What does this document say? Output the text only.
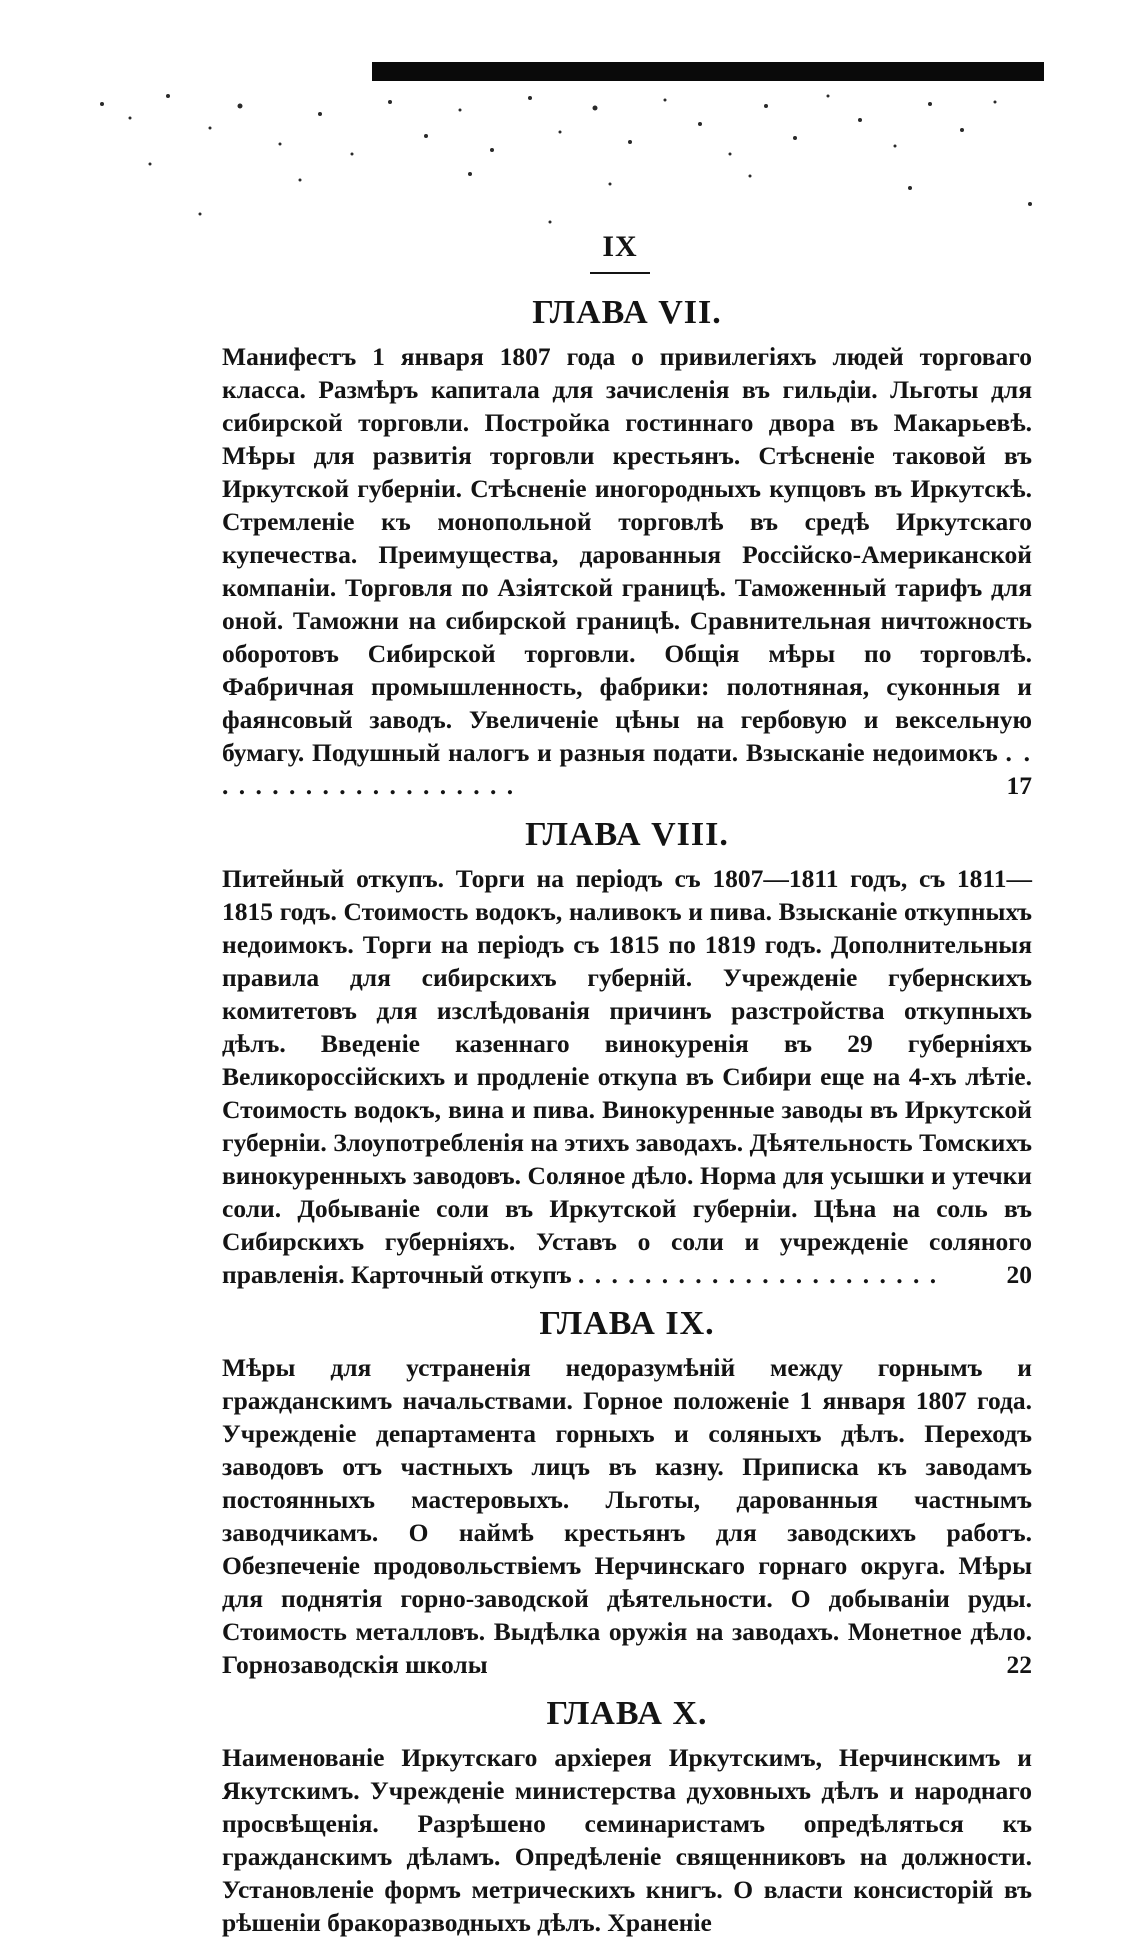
IX
ГЛАВА VII.

Манифестъ 1 января 1807 года о привилегіяхъ людей торговаго класса. Размѣръ капитала для зачисленія въ гильдіи. Льготы для сибирской торговли. Постройка гостиннаго двора въ Макарьевѣ. Мѣры для развитія торговли крестьянъ. Стѣсненіе таковой въ Иркутской губерніи. Стѣсненіе иногородныхъ купцовъ въ Иркутскѣ. Стремленіе къ монопольной торговлѣ въ средѣ Иркутскаго купечества. Преимущества, дарованныя Россійско-Американской компаніи. Торговля по Азіятской границѣ. Таможенный тарифъ для оной. Таможни на сибирской границѣ. Сравнительная ничтожность оборотовъ Сибирской торговли. Общія мѣры по торговлѣ. Фабричная промышленность, фабрики: полотняная, суконныя и фаянсовый заводъ. Увеличеніе цѣны на гербовую и вексельную бумагу. Подушный налогъ и разныя подати. Взысканіе недоимокъ . . . . . . . . . . . . . . . . . . . .	17

ГЛАВА VIII.

Питейный откупъ. Торги на періодъ съ 1807—1811 годъ, съ 1811—1815 годъ. Стоимость водокъ, наливокъ и пива. Взысканіе откупныхъ недоимокъ. Торги на періодъ съ 1815 по 1819 годъ. Дополнительныя правила для сибирскихъ губерній. Учрежденіе губернскихъ комитетовъ для изслѣдованія причинъ разстройства откупныхъ дѣлъ. Введеніе казеннаго винокуренія въ 29 губерніяхъ Великороссійскихъ и продленіе откупа въ Сибири еще на 4-хъ лѣтіе. Стоимость водокъ, вина и пива. Винокуренные заводы въ Иркутской губерніи. Злоупотребленія на этихъ заводахъ. Дѣятельность Томскихъ винокуренныхъ заводовъ. Соляное дѣло. Норма для усышки и утечки соли. Добываніе соли въ Иркутской губерніи. Цѣна на соль въ Сибирскихъ губерніяхъ. Уставъ о соли и учрежденіе соляного правленія. Карточный откупъ . . . . . . . . . . . . . . . . . . . . . .	20

ГЛАВА IX.

Мѣры для устраненія недоразумѣній между горнымъ и гражданскимъ начальствами. Горное положеніе 1 января 1807 года. Учрежденіе департамента горныхъ и соляныхъ дѣлъ. Переходъ заводовъ отъ частныхъ лицъ въ казну. Приписка къ заводамъ постоянныхъ мастеровыхъ. Льготы, дарованныя частнымъ заводчикамъ. О наймѣ крестьянъ для заводскихъ работъ. Обезпеченіе продовольствіемъ Нерчинскаго горнаго округа. Мѣры для поднятія горно-заводской дѣятельности. О добываніи руды. Стоимость металловъ. Выдѣлка оружія на заводахъ. Монетное дѣло. Горнозаводскія школы	22

ГЛАВА X.

Наименованіе Иркутскаго архіерея Иркутскимъ, Нерчинскимъ и Якутскимъ. Учрежденіе министерства духовныхъ дѣлъ и народнаго просвѣщенія. Разрѣшено семинаристамъ опредѣляться къ гражданскимъ дѣламъ. Опредѣленіе священниковъ на должности. Установленіе формъ метрическихъ книгъ. О власти консисторій въ рѣшеніи бракоразводныхъ дѣлъ. Храненіе
